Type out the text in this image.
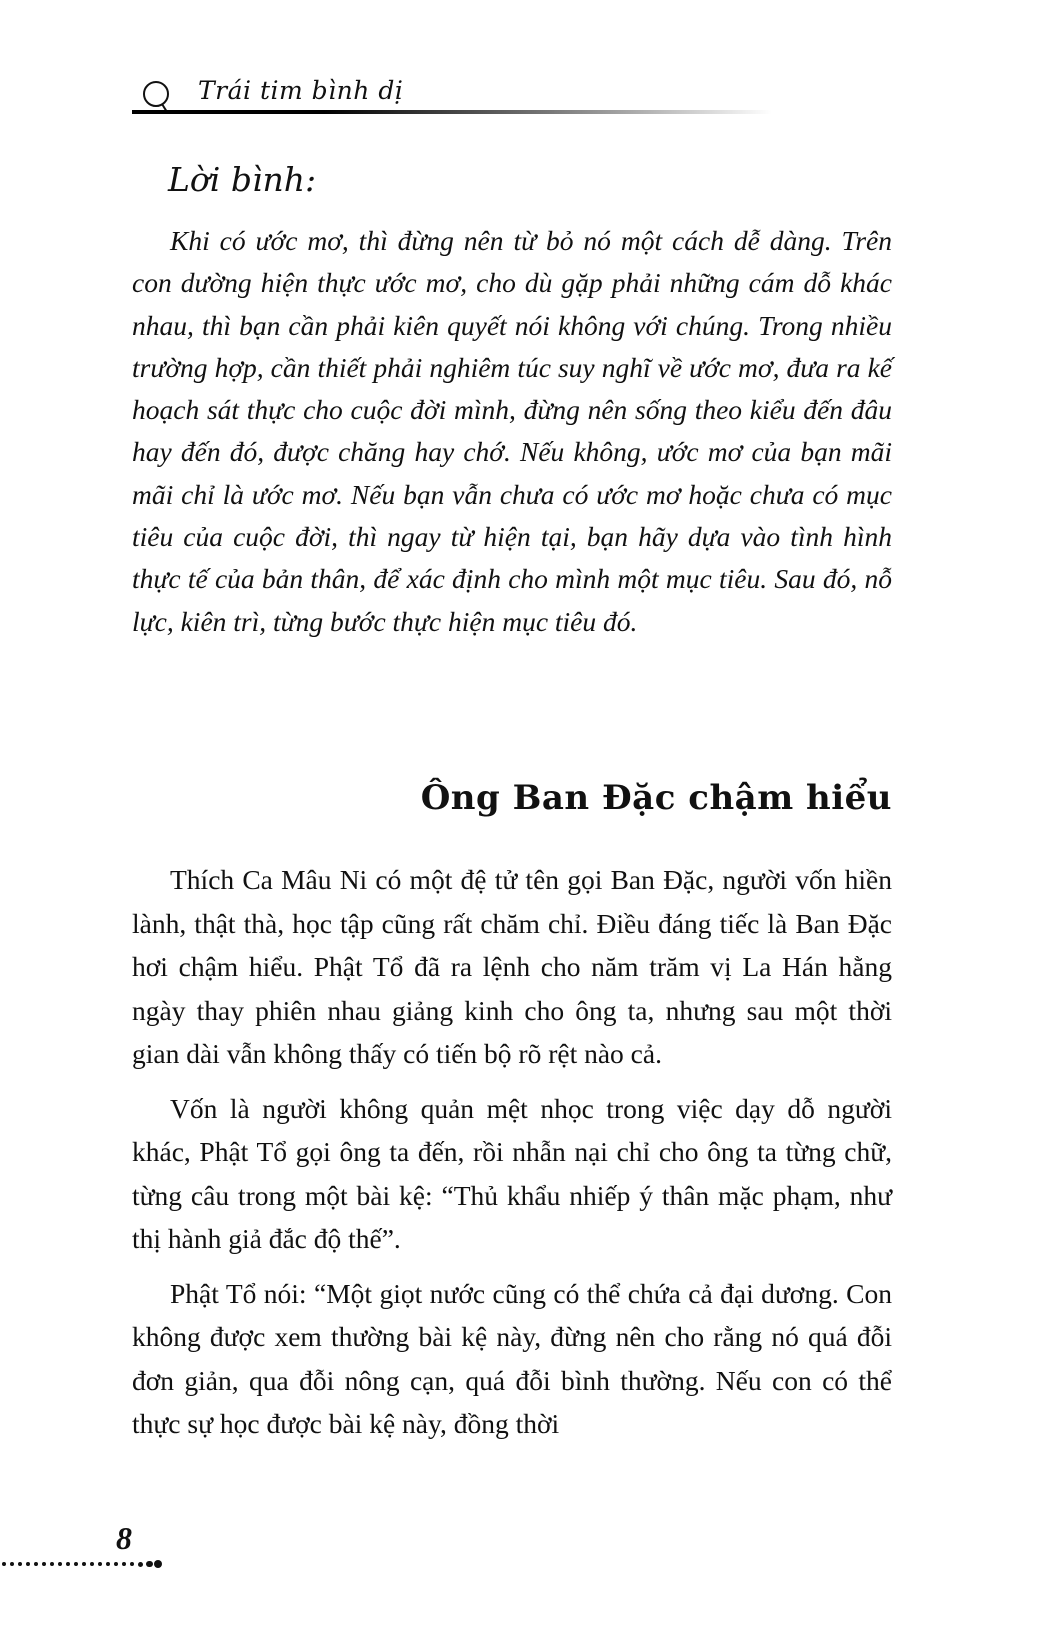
Trái tim bình dị
Lời bình:

Khi có ước mơ, thì đừng nên từ bỏ nó một cách dễ dàng. Trên con dường hiện thực ước mơ, cho dù gặp phải những cám dỗ khác nhau, thì bạn cần phải kiên quyết nói không với chúng. Trong nhiều trường hợp, cần thiết phải nghiêm túc suy nghĩ về ước mơ, đưa ra kế hoạch sát thực cho cuộc đời mình, đừng nên sống theo kiểu đến đâu hay đến đó, được chăng hay chớ. Nếu không, ước mơ của bạn mãi mãi chỉ là ước mơ. Nếu bạn vẫn chưa có ước mơ hoặc chưa có mục tiêu của cuộc đời, thì ngay từ hiện tại, bạn hãy dựa vào tình hình thực tế của bản thân, để xác định cho mình một mục tiêu. Sau đó, nỗ lực, kiên trì, từng bước thực hiện mục tiêu đó.

Ông Ban Đặc chậm hiểu

Thích Ca Mâu Ni có một đệ tử tên gọi Ban Đặc, người vốn hiền lành, thật thà, học tập cũng rất chăm chỉ. Điều đáng tiếc là Ban Đặc hơi chậm hiểu. Phật Tổ đã ra lệnh cho năm trăm vị La Hán hằng ngày thay phiên nhau giảng kinh cho ông ta, nhưng sau một thời gian dài vẫn không thấy có tiến bộ rõ rệt nào cả.

Vốn là người không quản mệt nhọc trong việc dạy dỗ người khác, Phật Tổ gọi ông ta đến, rồi nhẫn nại chỉ cho ông ta từng chữ, từng câu trong một bài kệ: “Thủ khẩu nhiếp ý thân mặc phạm, như thị hành giả đắc độ thế”.

Phật Tổ nói: “Một giọt nước cũng có thể chứa cả đại dương. Con không được xem thường bài kệ này, đừng nên cho rằng nó quá đỗi đơn giản, qua đỗi nông cạn, quá đỗi bình thường. Nếu con có thể thực sự học được bài kệ này, đồng thời

8
